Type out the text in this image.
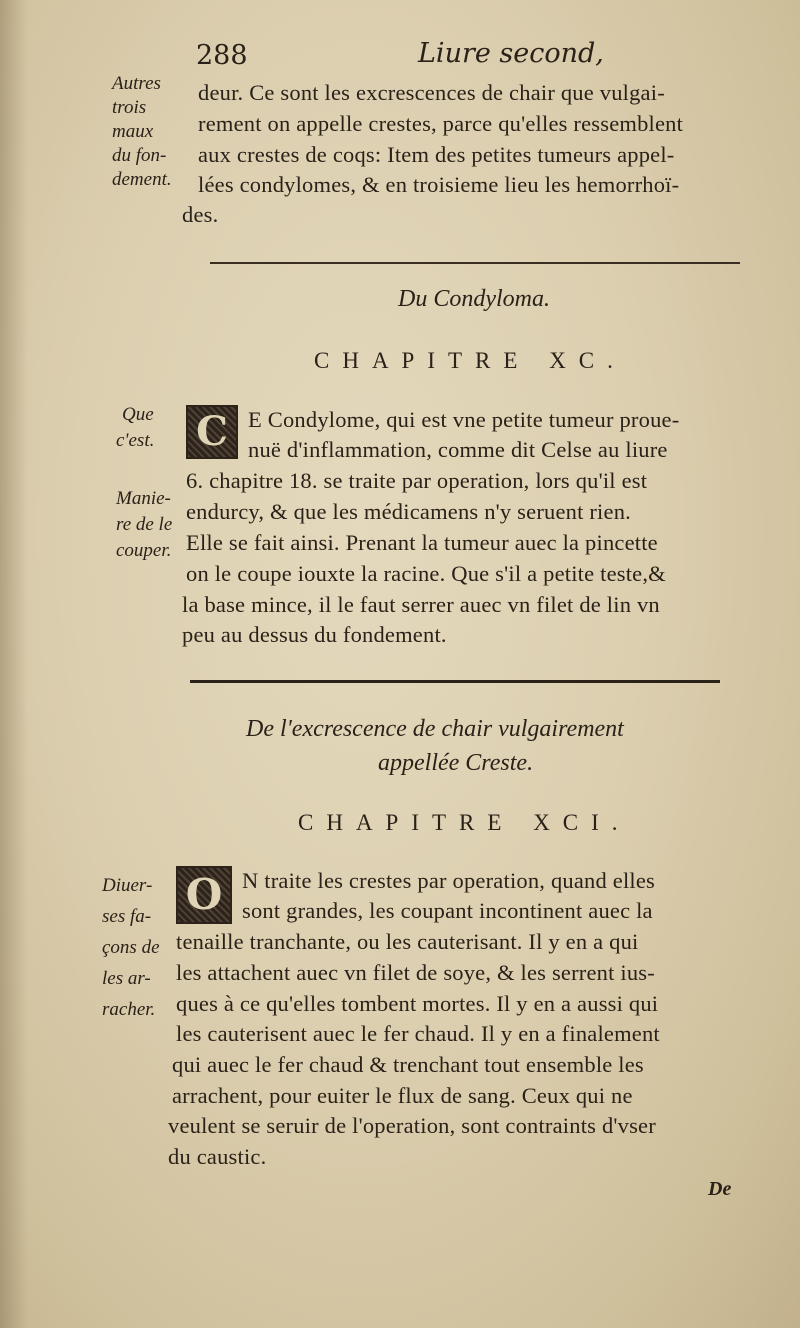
288	Liure second,
Autres
trois
maux
du fon-
dement.
deur. Ce sont les excrescences de chair que vulgai-
rement on appelle crestes, parce qu'elles ressemblent
aux crestes de coqs: Item des petites tumeurs appel-
lées condylomes, & en troisieme lieu les hemorrhoï-
des.
Du Condyloma.
CHAPITRE XC.
Que
c'est.
Manie-
re de le
couper.
C E Condylome, qui est vne petite tumeur proue-
nuë d'inflammation, comme dit Celse au liure
6. chapitre 18. se traite par operation, lors qu'il est
endurcy, & que les médicamens n'y seruent rien.
Elle se fait ainsi. Prenant la tumeur auec la pincette
on le coupe iouxte la racine. Que s'il a petite teste,&
la base mince, il le faut serrer auec vn filet de lin vn
peu au dessus du fondement.
De l'excrescence de chair vulgairement
appellée Creste.
CHAPITRE XCI.
Diuer-
ses fa-
çons de
les ar-
racher.
O N traite les crestes par operation, quand elles
sont grandes, les coupant incontinent auec la
tenaille tranchante, ou les cauterisant. Il y en a qui
les attachent auec vn filet de soye, & les serrent ius-
ques à ce qu'elles tombent mortes. Il y en a aussi qui
les cauterisent auec le fer chaud. Il y en a finalement
qui auec le fer chaud & trenchant tout ensemble les
arrachent, pour euiter le flux de sang. Ceux qui ne
veulent se seruir de l'operation, sont contraints d'vser
du caustic.
De
